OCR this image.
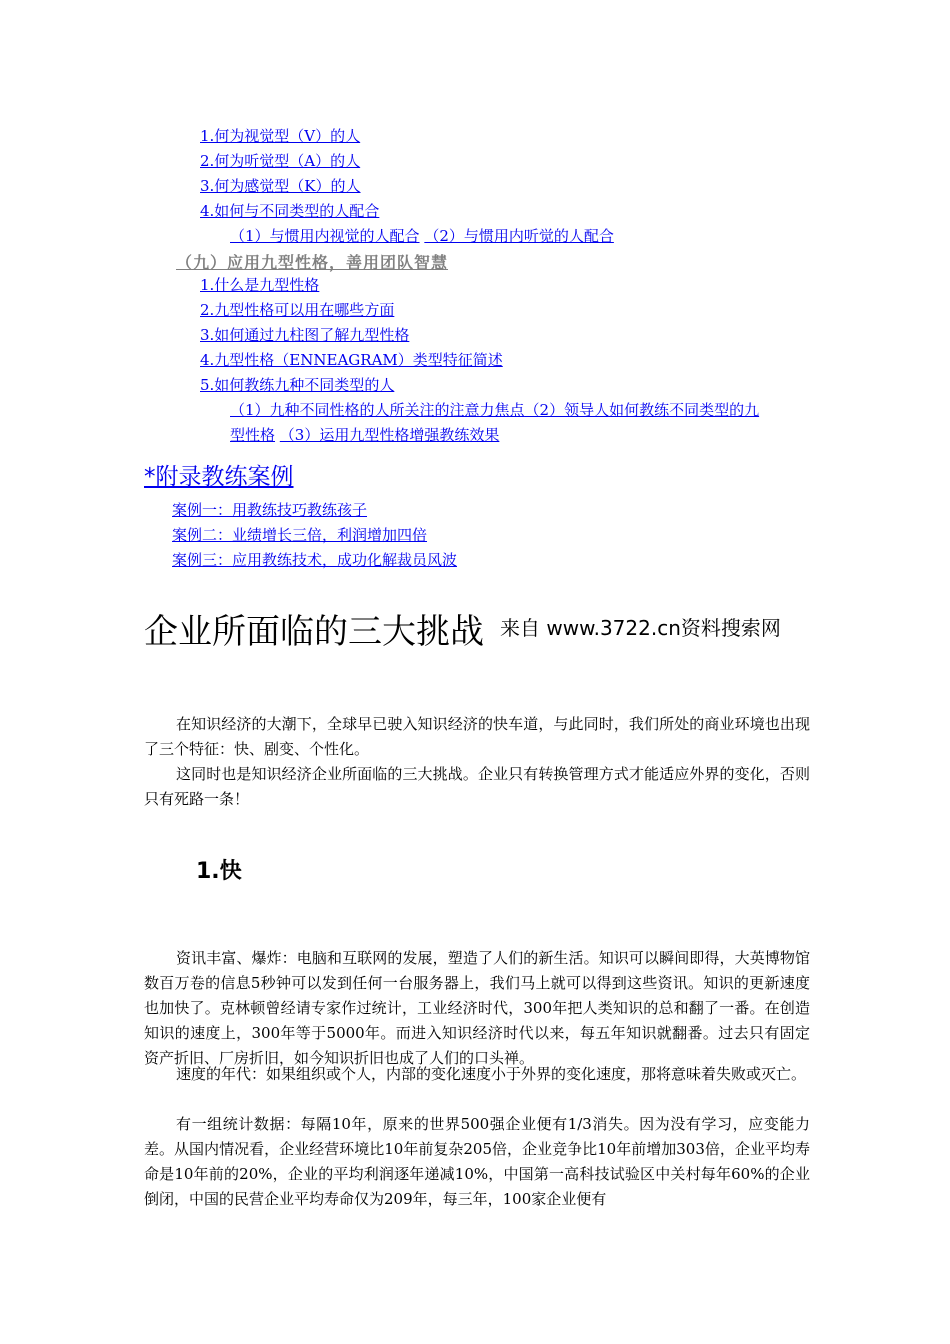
1.何为视觉型（V）的人
2.何为听觉型（A）的人
3.何为感觉型（K）的人
4.如何与不同类型的人配合
（1）与惯用内视觉的人配合 （2）与惯用内听觉的人配合
（九）应用九型性格，善用团队智慧
1.什么是九型性格
2.九型性格可以用在哪些方面
3.如何通过九柱图了解九型性格
4.九型性格（ENNEAGRAM）类型特征简述
5.如何教练九种不同类型的人
（1）九种不同性格的人所关注的注意力焦点（2）领导人如何教练不同类型的九
型性格 （3）运用九型性格增强教练效果
*附录教练案例
案例一：用教练技巧教练孩子
案例二：业绩增长三倍，利润增加四倍
案例三：应用教练技术，成功化解裁员风波
企业所面临的三大挑战 来自 www.3722.cn资料搜索网

在知识经济的大潮下，全球早已驶入知识经济的快车道，与此同时，我们所处的商业环境也出现了三个特征：快、剧变、个性化。

这同时也是知识经济企业所面临的三大挑战。企业只有转换管理方式才能适应外界的变化，否则只有死路一条！

1.快

资讯丰富、爆炸：电脑和互联网的发展，塑造了人们的新生活。知识可以瞬间即得，大英博物馆数百万卷的信息5秒钟可以发到任何一台服务器上，我们马上就可以得到这些资讯。知识的更新速度也加快了。克林顿曾经请专家作过统计，工业经济时代，300年把人类知识的总和翻了一番。在创造知识的速度上，300年等于5000年。而进入知识经济时代以来，每五年知识就翻番。过去只有固定资产折旧、厂房折旧，如今知识折旧也成了人们的口头禅。

速度的年代：如果组织或个人，内部的变化速度小于外界的变化速度，那将意味着失败或灭亡。

有一组统计数据：每隔10年，原来的世界500强企业便有1/3消失。因为没有学习，应变能力差。从国内情况看，企业经营环境比10年前复杂205倍，企业竞争比10年前增加303倍，企业平均寿命是10年前的20%，企业的平均利润逐年递减10%，中国第一高科技试验区中关村每年60%的企业倒闭，中国的民营企业平均寿命仅为209年，每三年，100家企业便有
